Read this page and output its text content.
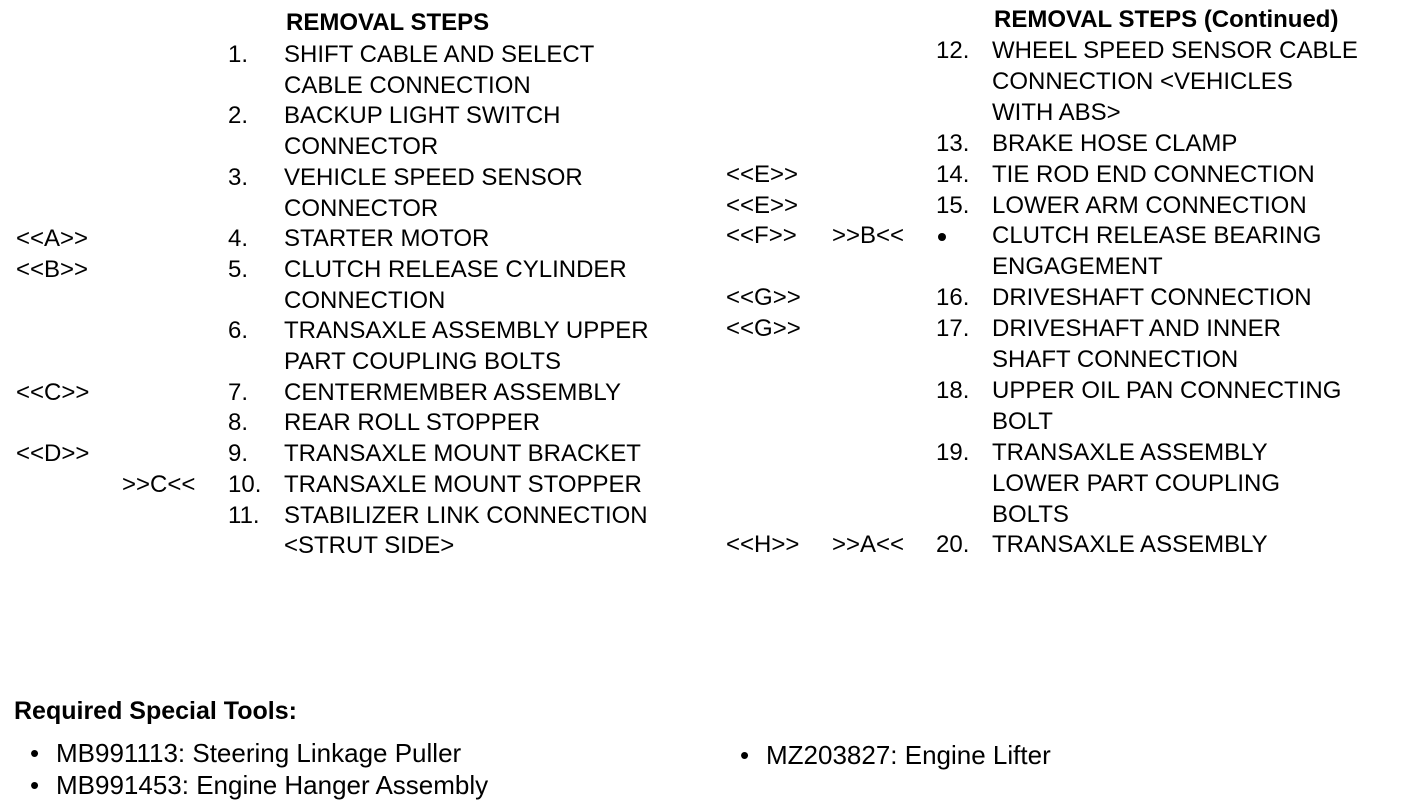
REMOVAL STEPS
1. SHIFT CABLE AND SELECT
CABLE CONNECTION
2. BACKUP LIGHT SWITCH
CONNECTOR
3. VEHICLE SPEED SENSOR
CONNECTOR
<<A>>	4. STARTER MOTOR
<<B>>	5. CLUTCH RELEASE CYLINDER
CONNECTION
6. TRANSAXLE ASSEMBLY UPPER
PART COUPLING BOLTS
<<C>>	7. CENTERMEMBER ASSEMBLY
8. REAR ROLL STOPPER
<<D>>	9. TRANSAXLE MOUNT BRACKET
>>C<< 10. TRANSAXLE MOUNT STOPPER
11. STABILIZER LINK CONNECTION
<STRUT SIDE>
REMOVAL STEPS (Continued)
12. WHEEL SPEED SENSOR CABLE
CONNECTION <VEHICLES
WITH ABS>
13. BRAKE HOSE CLAMP
<<E>>	14. TIE ROD END CONNECTION
<<E>>	15. LOWER ARM CONNECTION
<<F>> >>B<<	CLUTCH RELEASE BEARING
ENGAGEMENT
<<G>>	16. DRIVESHAFT CONNECTION
<<G>>	17. DRIVESHAFT AND INNER
SHAFT CONNECTION
18. UPPER OIL PAN CONNECTING
BOLT
19. TRANSAXLE ASSEMBLY
LOWER PART COUPLING
BOLTS
<<H>> >>A<< 20. TRANSAXLE ASSEMBLY
Required Special Tools:
• MB991113: Steering Linkage Puller
• MB991453: Engine Hanger Assembly
• MZ203827: Engine Lifter
